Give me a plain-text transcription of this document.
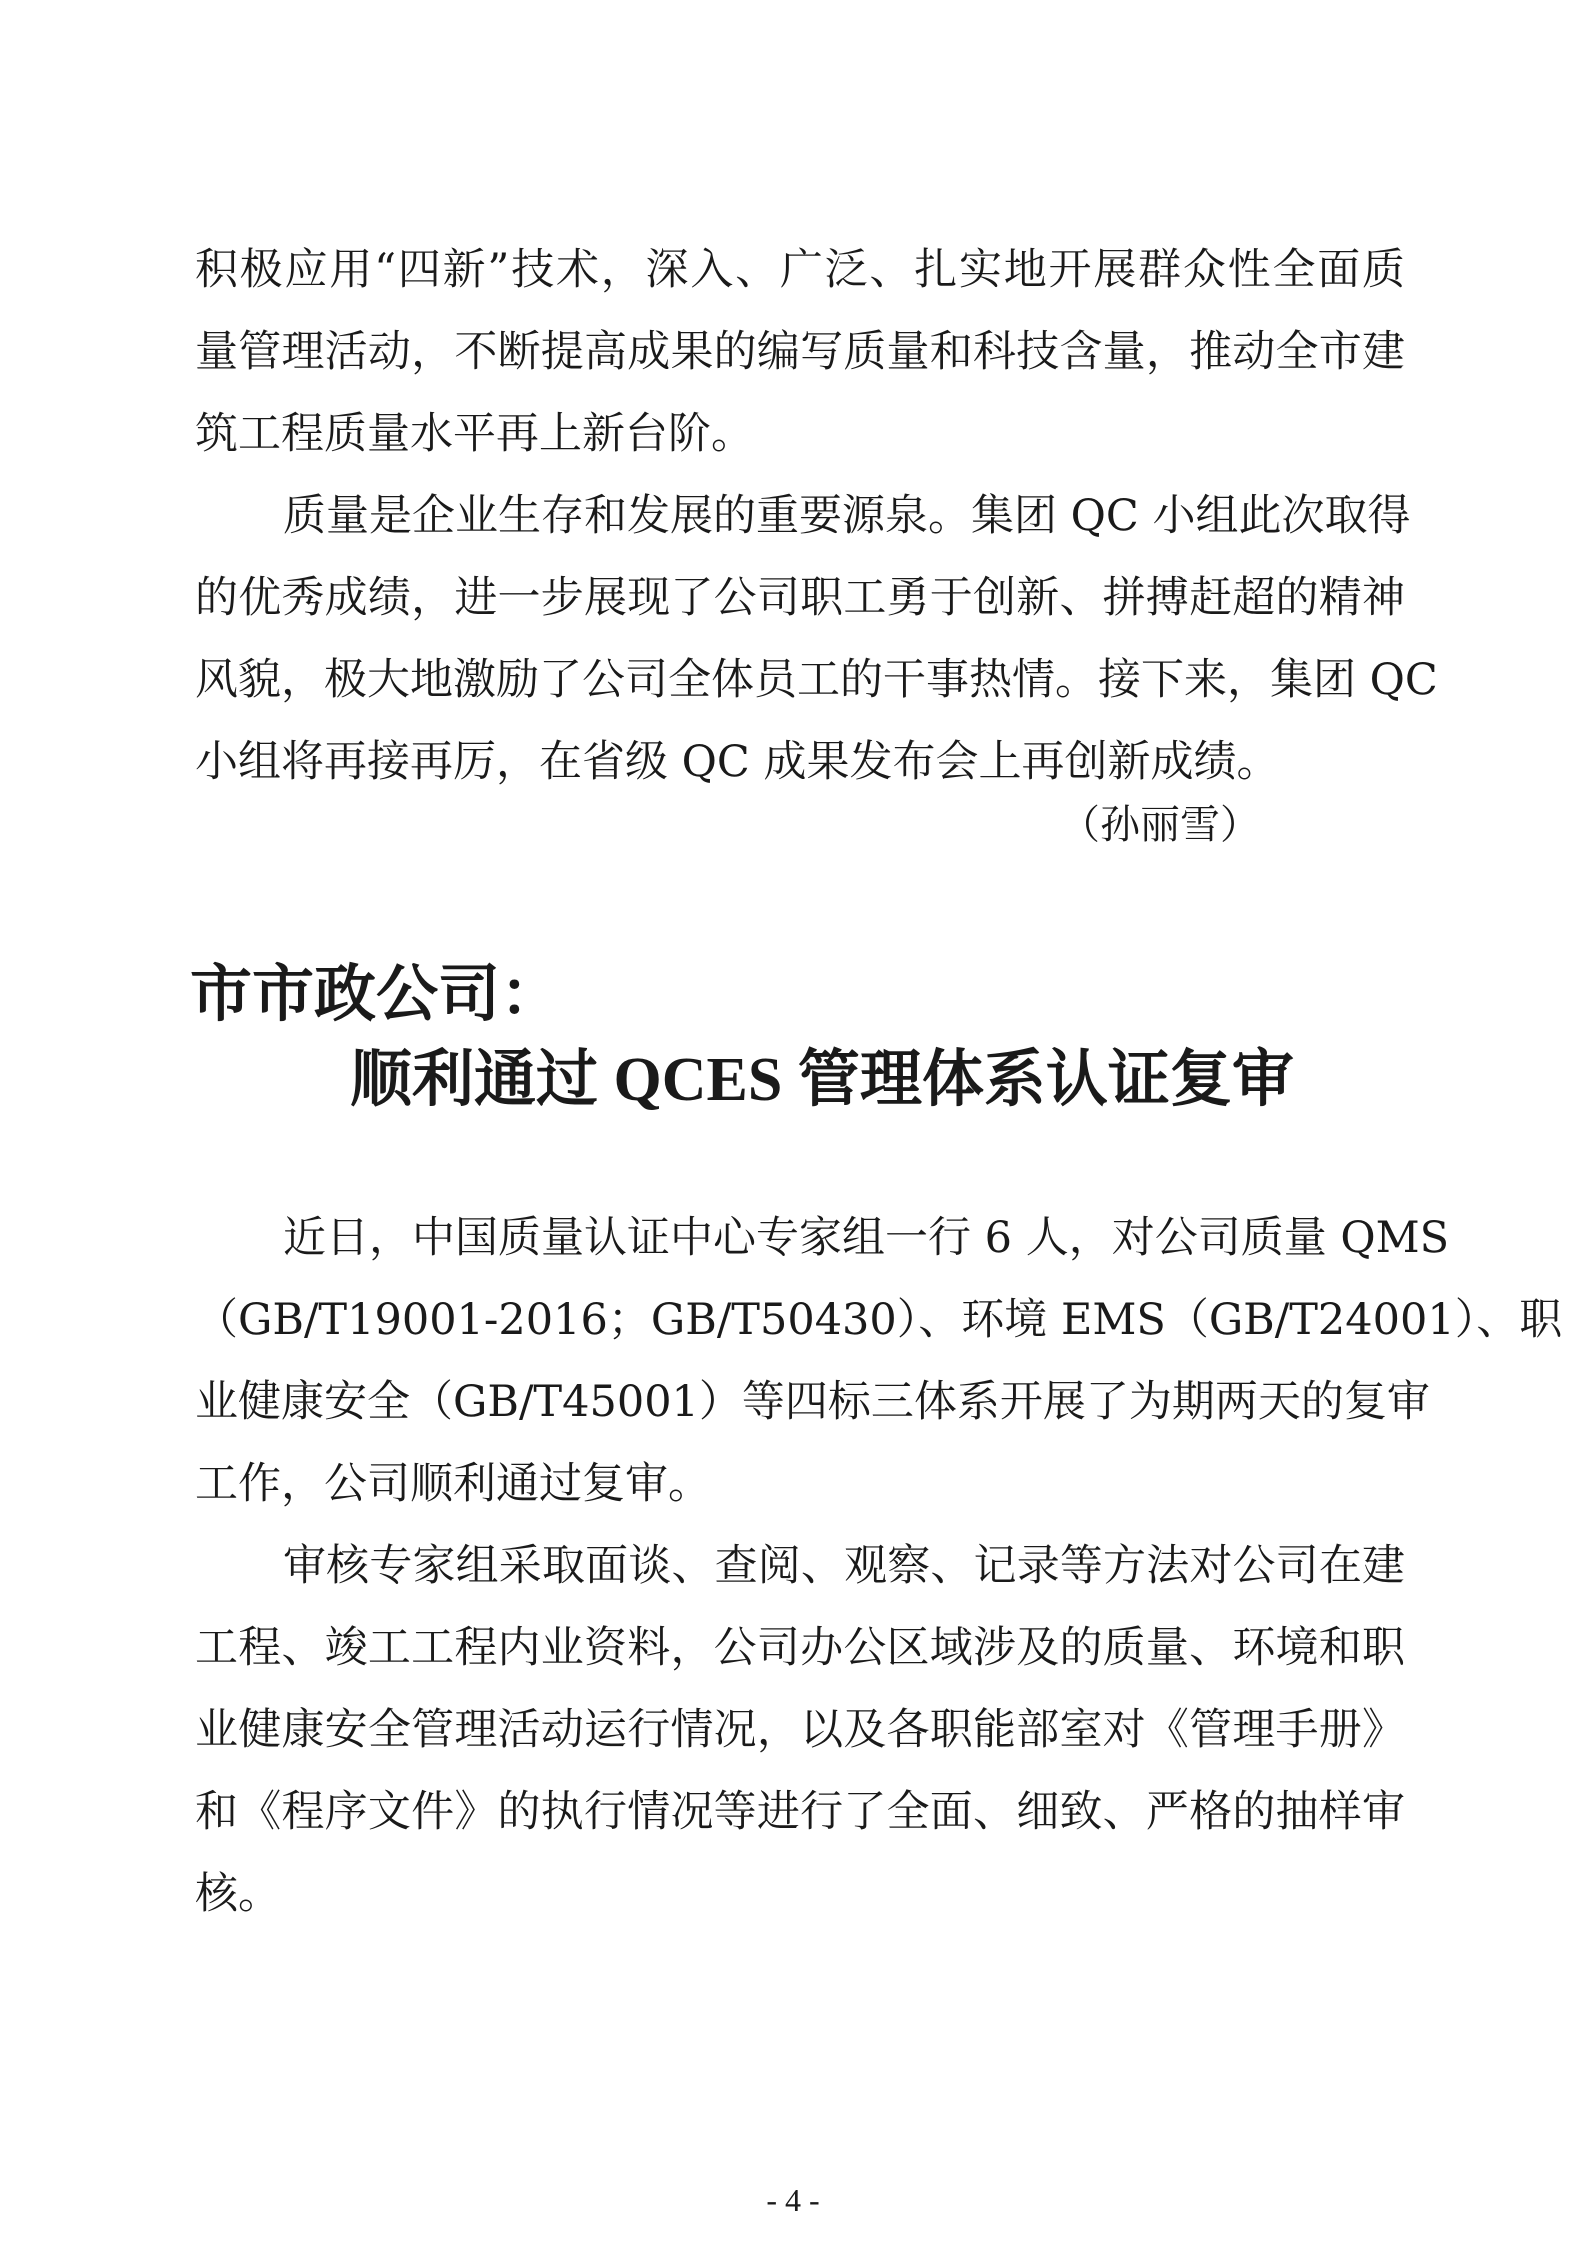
积极应用“四新”技术，深入、广泛、扎实地开展群众性全面质
量管理活动，不断提高成果的编写质量和科技含量，推动全市建
筑工程质量水平再上新台阶。
质量是企业生存和发展的重要源泉。集团 QC 小组此次取得
的优秀成绩，进一步展现了公司职工勇于创新、拼搏赶超的精神
风貌，极大地激励了公司全体员工的干事热情。接下来，集团 QC
小组将再接再厉，在省级 QC 成果发布会上再创新成绩。
（孙丽雪）
市市政公司：
顺利通过 QCES 管理体系认证复审
近日，中国质量认证中心专家组一行 6 人，对公司质量 QMS
（GB/T19001-2016；GB/T50430）、环境 EMS（GB/T24001）、职
业健康安全（GB/T45001）等四标三体系开展了为期两天的复审
工作，公司顺利通过复审。
审核专家组采取面谈、查阅、观察、记录等方法对公司在建
工程、竣工工程内业资料，公司办公区域涉及的质量、环境和职
业健康安全管理活动运行情况，以及各职能部室对《管理手册》
和《程序文件》的执行情况等进行了全面、细致、严格的抽样审
核。
- 4 -
